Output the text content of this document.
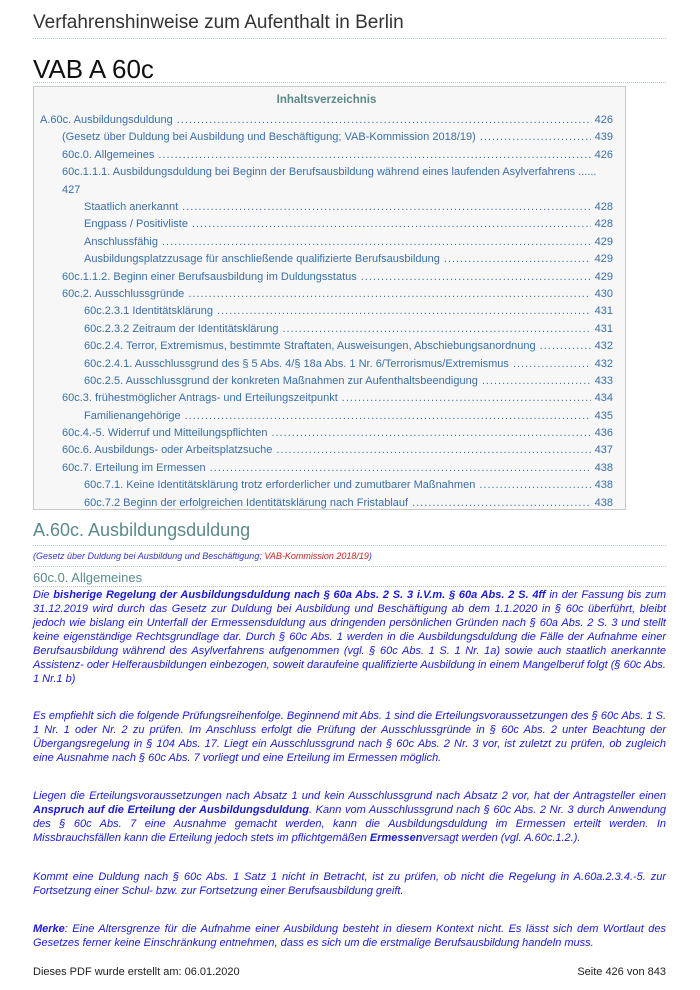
Verfahrenshinweise zum Aufenthalt in Berlin
VAB A 60c
Inhaltsverzeichnis
A.60c. Ausbildungsduldung .....	426
(Gesetz über Duldung bei Ausbildung und Beschäftigung; VAB-Kommission 2018/19) .....	439
60c.0. Allgemeines .....	426
60c.1.1.1. Ausbildungsduldung bei Beginn der Berufsausbildung während eines laufenden Asylverfahrens ...... 427
Staatlich anerkannt .....	428
Engpass / Positivliste .....	428
Anschlussfähig .....	429
Ausbildungsplatzzusage für anschließende qualifizierte Berufsausbildung .....	429
60c.1.1.2. Beginn einer Berufsausbildung im Duldungsstatus .....	429
60c.2. Ausschlussgründe .....	430
60c.2.3.1 Identitätsklärung .....	431
60c.2.3.2 Zeitraum der Identitätsklärung .....	431
60c.2.4. Terror, Extremismus, bestimmte Straftaten, Ausweisungen, Abschiebungsanordnung .....	432
60c.2.4.1. Ausschlussgrund des § 5 Abs. 4/§ 18a Abs. 1 Nr. 6/Terrorismus/Extremismus .....	432
60c.2.5. Ausschlussgrund der konkreten Maßnahmen zur Aufenthaltsbeendigung .....	433
60c.3. frühestmöglicher Antrags- und Erteilungszeitpunkt .....	434
Familienangehörige .....	435
60c.4.-5. Widerruf und Mitteilungspflichten .....	436
60c.6. Ausbildungs- oder Arbeitsplatzsuche .....	437
60c.7. Erteilung im Ermessen .....	438
60c.7.1. Keine Identitätsklärung trotz erforderlicher und zumutbarer Maßnahmen .....	438
60c.7.2 Beginn der erfolgreichen Identitätsklärung nach Fristablauf .....	438
A.60c. Ausbildungsduldung
(Gesetz über Duldung bei Ausbildung und Beschäftigung; VAB-Kommission 2018/19)
60c.0. Allgemeines
Die bisherige Regelung der Ausbildungsduldung nach § 60a Abs. 2 S. 3 i.V.m. § 60a Abs. 2 S. 4ff in der Fassung bis zum 31.12.2019 wird durch das Gesetz zur Duldung bei Ausbildung und Beschäftigung ab dem 1.1.2020 in § 60c überführt, bleibt jedoch wie bislang ein Unterfall der Ermessensduldung aus dringenden persönlichen Gründen nach § 60a Abs. 2 S. 3 und stellt keine eigenständige Rechtsgrundlage dar. Durch § 60c Abs. 1 werden in die Ausbildungsduldung die Fälle der Aufnahme einer Berufsausbildung während des Asylverfahrens aufgenommen (vgl. § 60c Abs. 1 S. 1 Nr. 1a) sowie auch staatlich anerkannte Assistenz- oder Helferausbildungen einbezogen, soweit daraufeine qualifizierte Ausbildung in einem Mangelberuf folgt (§ 60c Abs. 1 Nr.1 b)
Es empfiehlt sich die folgende Prüfungsreihenfolge. Beginnend mit Abs. 1 sind die Erteilungsvoraussetzungen des § 60c Abs. 1 S. 1 Nr. 1 oder Nr. 2 zu prüfen. Im Anschluss erfolgt die Prüfung der Ausschlussgründe in § 60c Abs. 2 unter Beachtung der Übergangsregelung in § 104 Abs. 17. Liegt ein Ausschlussgrund nach § 60c Abs. 2 Nr. 3 vor, ist zuletzt zu prüfen, ob zugleich eine Ausnahme nach § 60c Abs. 7 vorliegt und eine Erteilung im Ermessen möglich.
Liegen die Erteilungsvoraussetzungen nach Absatz 1 und kein Ausschlussgrund nach Absatz 2 vor, hat der Antragsteller einen Anspruch auf die Erteilung der Ausbildungsduldung. Kann vom Ausschlussgrund nach § 60c Abs. 2 Nr. 3 durch Anwendung des § 60c Abs. 7 eine Ausnahme gemacht werden, kann die Ausbildungsduldung im Ermessen erteilt werden. In Missbrauchsfällen kann die Erteilung jedoch stets im pflichtgemäßen Ermessenversagt werden (vgl. A.60c.1.2.).
Kommt eine Duldung nach § 60c Abs. 1 Satz 1 nicht in Betracht, ist zu prüfen, ob nicht die Regelung in A.60a.2.3.4.-5. zur Fortsetzung einer Schul- bzw. zur Fortsetzung einer Berufsausbildung greift.
Merke: Eine Altersgrenze für die Aufnahme einer Ausbildung besteht in diesem Kontext nicht. Es lässt sich dem Wortlaut des Gesetzes ferner keine Einschränkung entnehmen, dass es sich um die erstmalige Berufsausbildung handeln muss.
Dieses PDF wurde erstellt am: 06.01.2020	Seite 426 von 843
